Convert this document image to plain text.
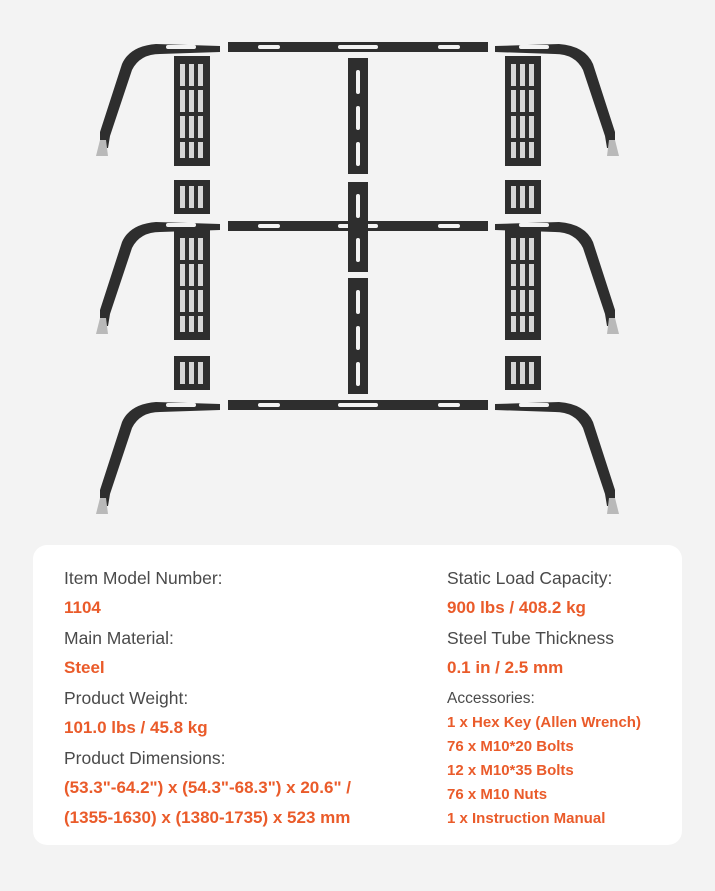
Item Model Number:
1104
Main Material:
Steel
Product Weight:
101.0 lbs / 45.8 kg
Product Dimensions:
(53.3"-64.2") x (54.3"-68.3") x 20.6" /
(1355-1630) x (1380-1735) x 523 mm
Static Load Capacity:
900 lbs / 408.2 kg
Steel Tube Thickness
0.1 in / 2.5 mm
Accessories:
1 x Hex Key (Allen Wrench)
76 x M10*20 Bolts
12 x M10*35 Bolts
76 x M10 Nuts
1 x Instruction Manual
